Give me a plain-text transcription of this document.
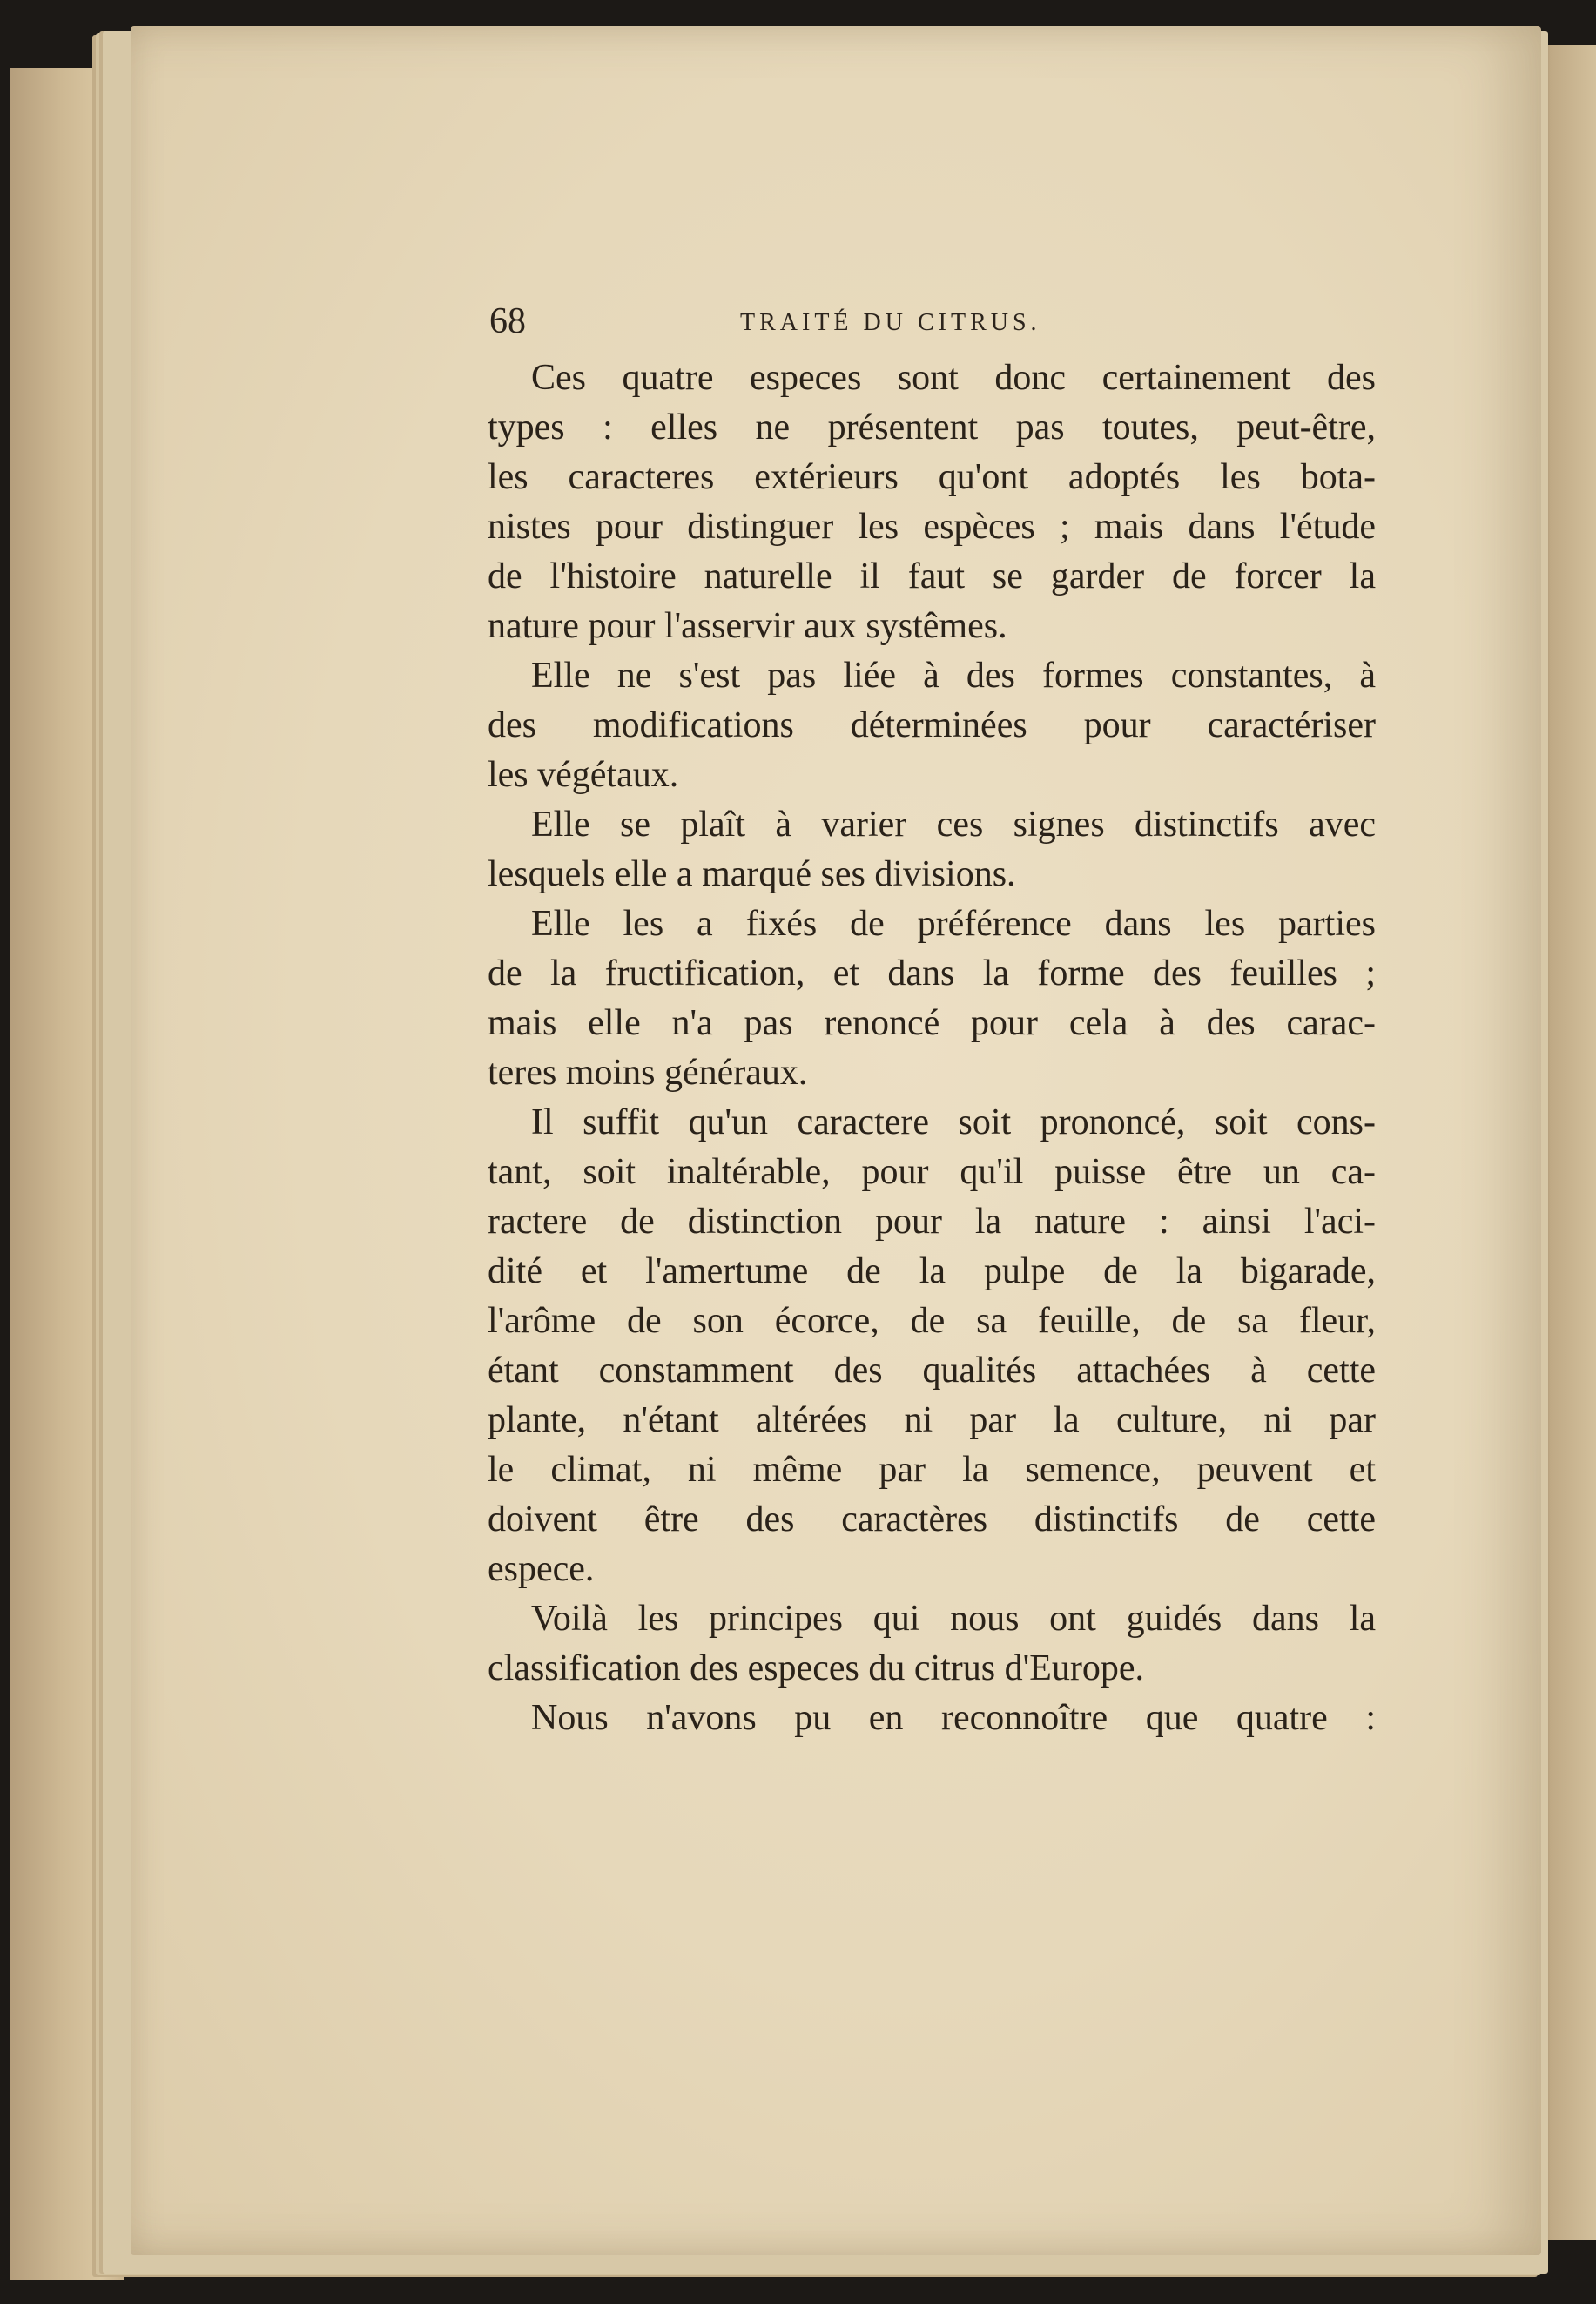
68	TRAITÉ DU CITRUS.
Ces quatre especes sont donc certainement des
types : elles ne présentent pas toutes, peut-être,
les caracteres extérieurs qu'ont adoptés les bota-
nistes pour distinguer les espèces ; mais dans l'étude
de l'histoire naturelle il faut se garder de forcer la
nature pour l'asservir aux systêmes.
Elle ne s'est pas liée à des formes constantes, à
des modifications déterminées pour caractériser
les végétaux.
Elle se plaît à varier ces signes distinctifs avec
lesquels elle a marqué ses divisions.
Elle les a fixés de préférence dans les parties
de la fructification, et dans la forme des feuilles ;
mais elle n'a pas renoncé pour cela à des carac-
teres moins généraux.
Il suffit qu'un caractere soit prononcé, soit cons-
tant, soit inaltérable, pour qu'il puisse être un ca-
ractere de distinction pour la nature : ainsi l'aci-
dité et l'amertume de la pulpe de la bigarade,
l'arôme de son écorce, de sa feuille, de sa fleur,
étant constamment des qualités attachées à cette
plante, n'étant altérées ni par la culture, ni par
le climat, ni même par la semence, peuvent et
doivent être des caractères distinctifs de cette
espece.
Voilà les principes qui nous ont guidés dans la
classification des especes du citrus d'Europe.
Nous n'avons pu en reconnoître que quatre :
